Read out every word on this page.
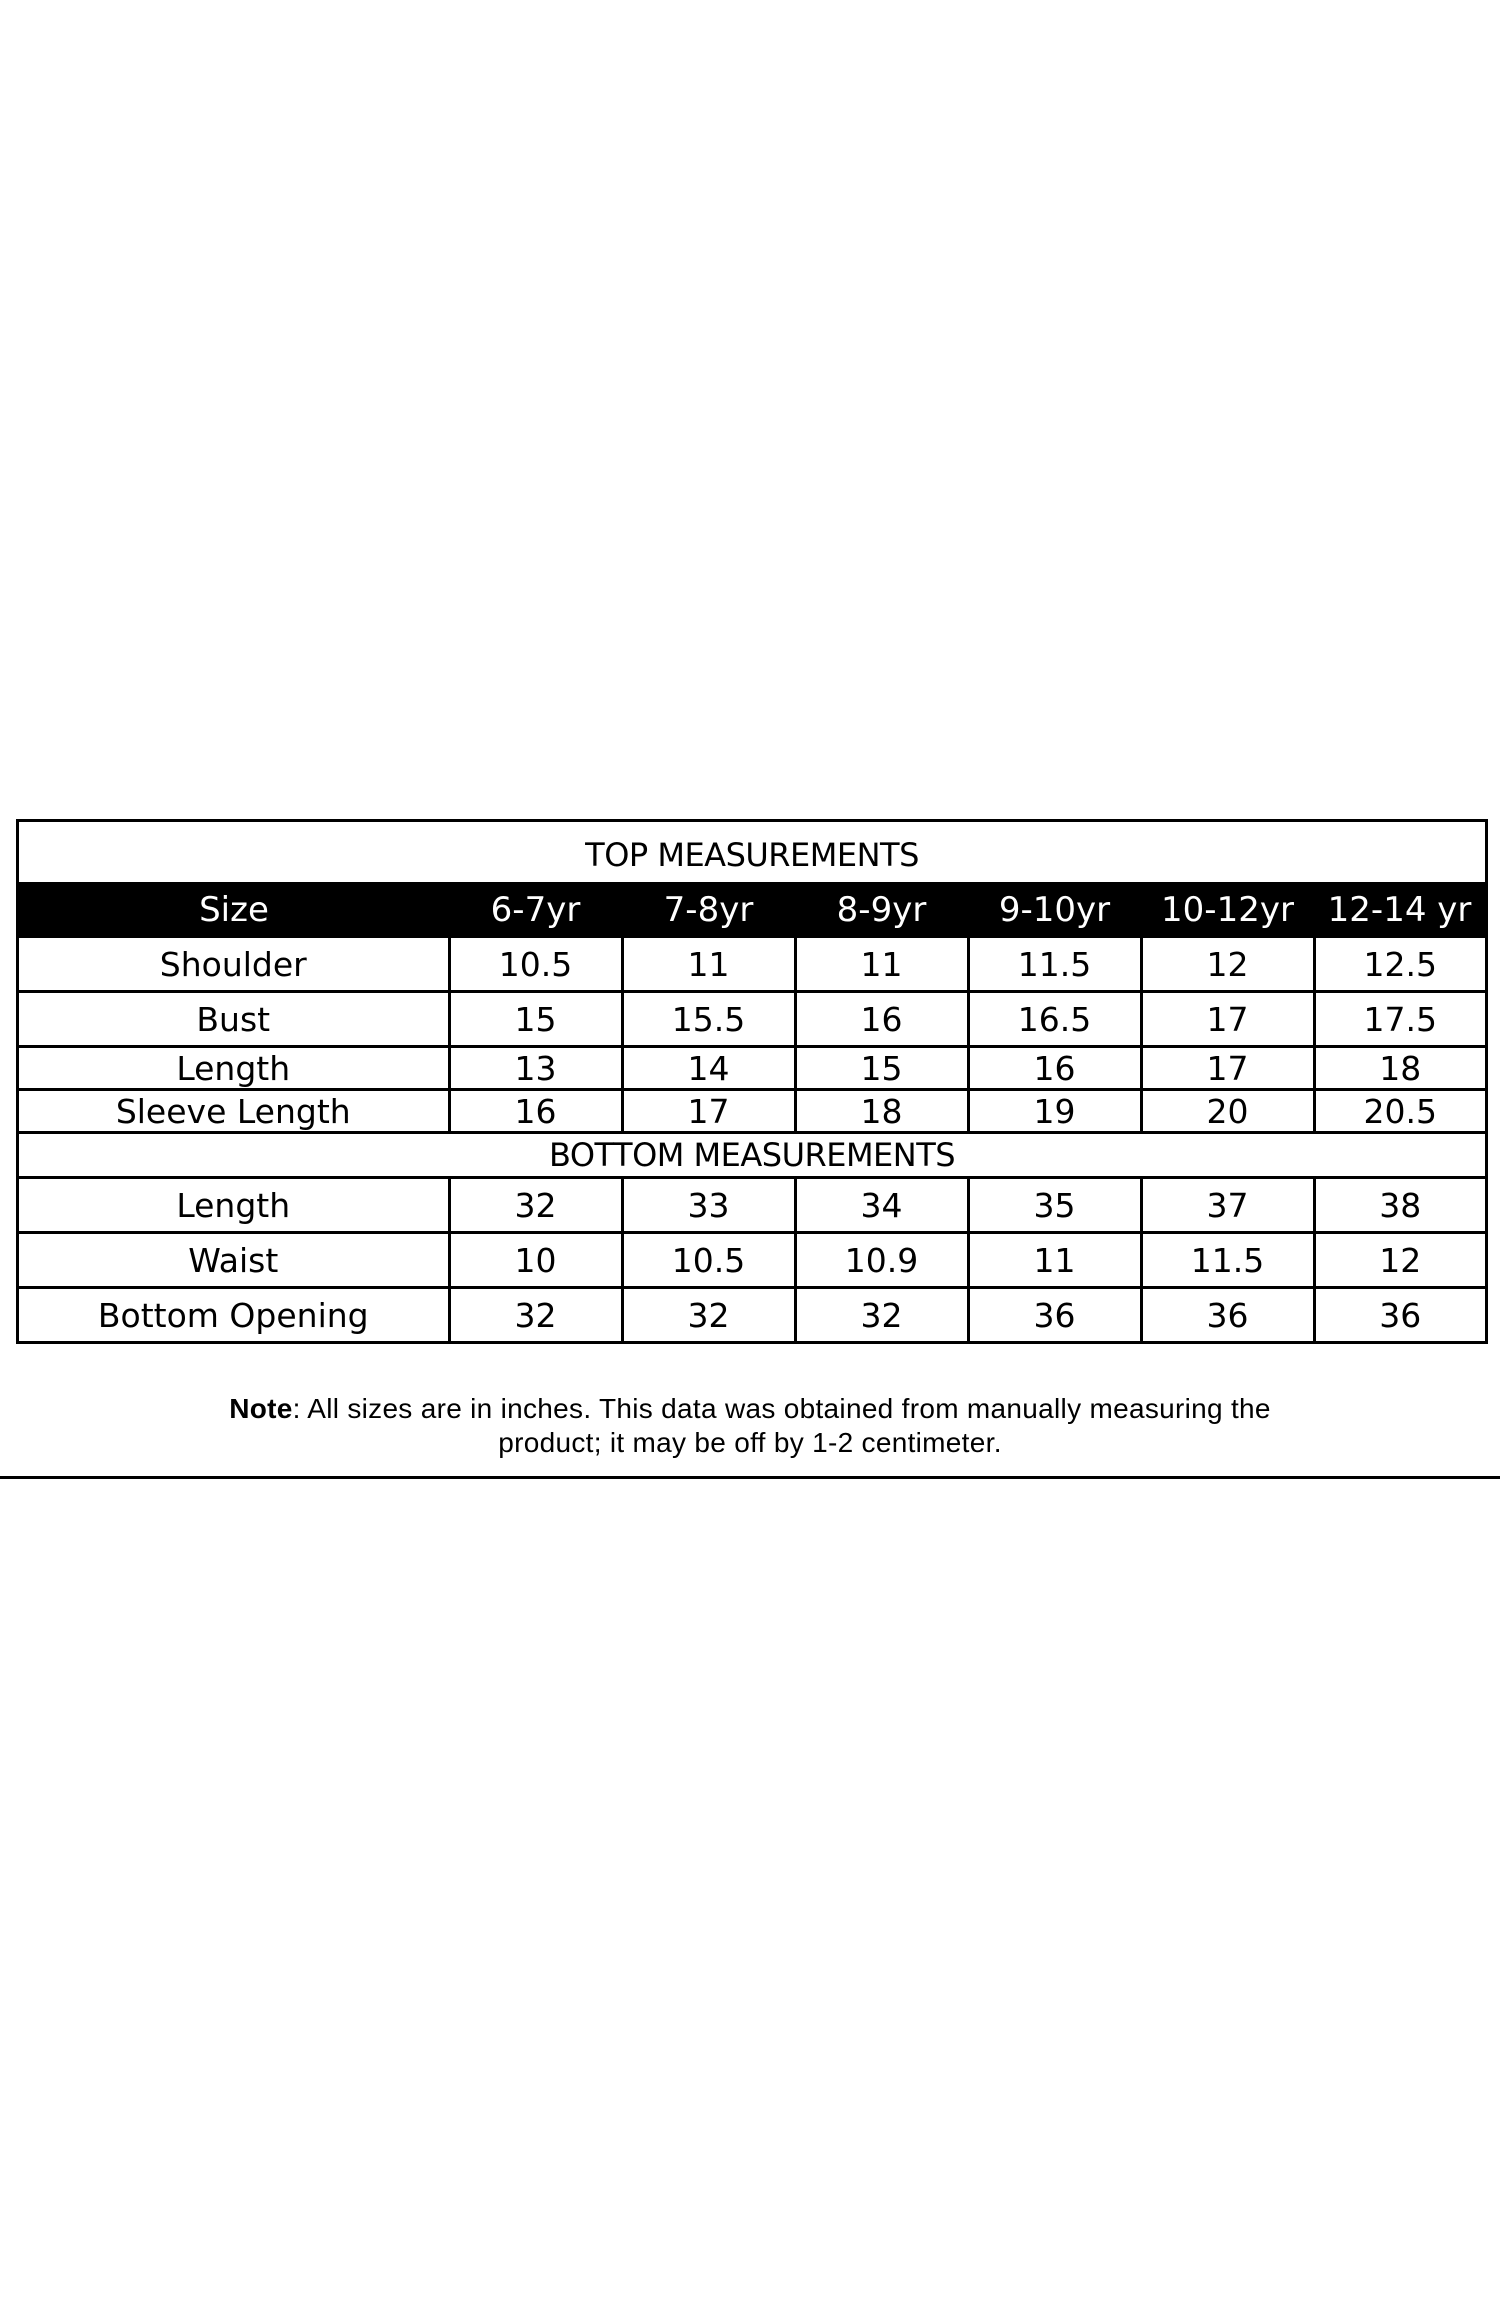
TOP MEASUREMENTS						
Size	6-7yr	7-8yr	8-9yr	9-10yr	10-12yr	12-14 yr
Shoulder	10.5	11	11	11.5	12	12.5
Bust	15	15.5	16	16.5	17	17.5
Length	13	14	15	16	17	18
Sleeve Length	16	17	18	19	20	20.5
BOTTOM MEASUREMENTS						
Length	32	33	34	35	37	38
Waist	10	10.5	10.9	11	11.5	12
Bottom Opening	32	32	32	36	36	36
Note: All sizes are in inches. This data was obtained from manually measuring the
product; it may be off by 1-2 centimeter.
